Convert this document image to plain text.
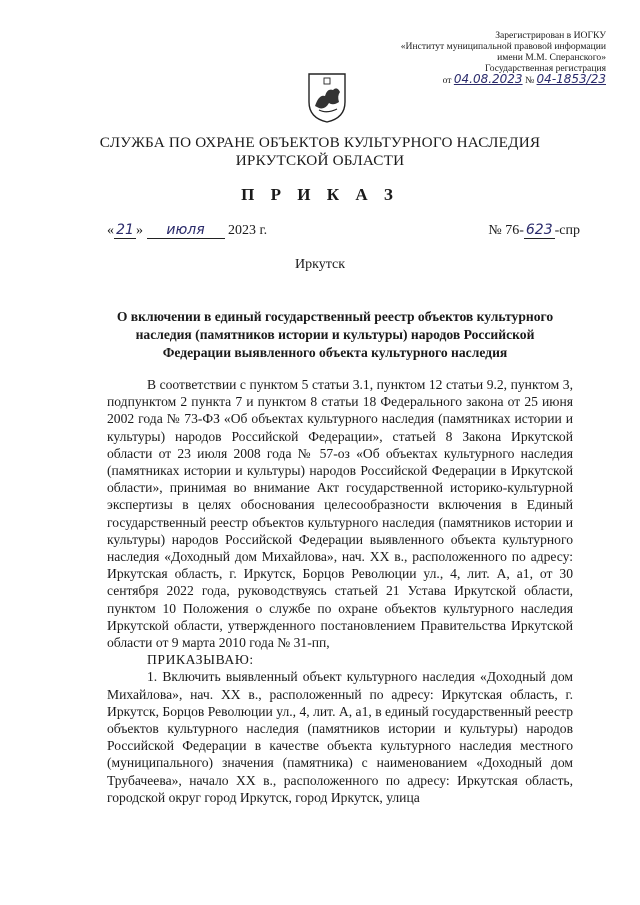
Зарегистрирован в ИОГКУ
«Институт муниципальной правовой информации
имени М.М. Сперанского»
Государственная регистрация
от 04.08.2023 № 04-1853/23
СЛУЖБА ПО ОХРАНЕ ОБЪЕКТОВ КУЛЬТУРНОГО НАСЛЕДИЯ
ИРКУТСКОЙ ОБЛАСТИ
П Р И К А З
« 21 » июля 2023 г.	№ 76- 623 -спр
Иркутск
О включении в единый государственный реестр объектов культурного
наследия (памятников истории и культуры) народов Российской
Федерации выявленного объекта культурного наследия

В соответствии с пунктом 5 статьи 3.1, пунктом 12 статьи 9.2, пунктом 3, подпунктом 2 пункта 7 и пунктом 8 статьи 18 Федерального закона от 25 июня 2002 года № 73-ФЗ «Об объектах культурного наследия (памятниках истории и культуры) народов Российской Федерации», статьей 8 Закона Иркутской области от 23 июля 2008 года № 57-оз «Об объектах культурного наследия (памятниках истории и культуры) народов Российской Федерации в Иркутской области», принимая во внимание Акт государственной историко-культурной экспертизы в целях обоснования целесообразности включения в Единый государственный реестр объектов культурного наследия (памятников истории и культуры) народов Российской Федерации выявленного объекта культурного наследия «Доходный дом Михайлова», нач. XX в., расположенного по адресу: Иркутская область, г. Иркутск, Борцов Революции ул., 4, лит. А, а1, от 30 сентября 2022 года, руководствуясь статьей 21 Устава Иркутской области, пунктом 10 Положения о службе по охране объектов культурного наследия Иркутской области, утвержденного постановлением Правительства Иркутской области от 9 марта 2010 года № 31-пп,

ПРИКАЗЫВАЮ:

1. Включить выявленный объект культурного наследия «Доходный дом Михайлова», нач. XX в., расположенный по адресу: Иркутская область, г. Иркутск, Борцов Революции ул., 4, лит. А, а1, в единый государственный реестр объектов культурного наследия (памятников истории и культуры) народов Российской Федерации в качестве объекта культурного наследия местного (муниципального) значения (памятника) с наименованием «Доходный дом Трубачеева», начало XX в., расположенного по адресу: Иркутская область, городской округ город Иркутск, город Иркутск, улица
